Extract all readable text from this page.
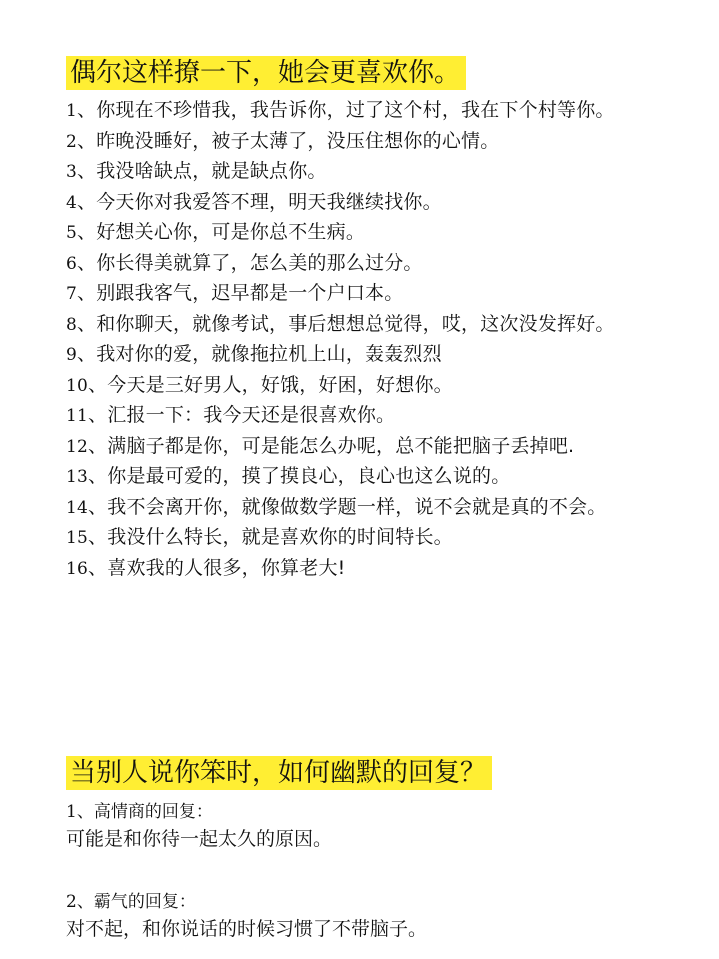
偶尔这样撩一下，她会更喜欢你。
1、你现在不珍惜我，我告诉你，过了这个村，我在下个村等你。
2、昨晚没睡好，被子太薄了，没压住想你的心情。
3、我没啥缺点，就是缺点你。
4、今天你对我爱答不理，明天我继续找你。
5、好想关心你，可是你总不生病。
6、你长得美就算了，怎么美的那么过分。
7、别跟我客气，迟早都是一个户口本。
8、和你聊天，就像考试，事后想想总觉得，哎，这次没发挥好。
9、我对你的爱，就像拖拉机上山，轰轰烈烈
10、今天是三好男人，好饿，好困，好想你。
11、汇报一下：我今天还是很喜欢你。
12、满脑子都是你，可是能怎么办呢，总不能把脑子丢掉吧.
13、你是最可爱的，摸了摸良心，良心也这么说的。
14、我不会离开你，就像做数学题一样，说不会就是真的不会。
15、我没什么特长，就是喜欢你的时间特长。
16、喜欢我的人很多，你算老大!
当别人说你笨时，如何幽默的回复？
1、高情商的回复：
可能是和你待一起太久的原因。
2、霸气的回复：
对不起，和你说话的时候习惯了不带脑子。
